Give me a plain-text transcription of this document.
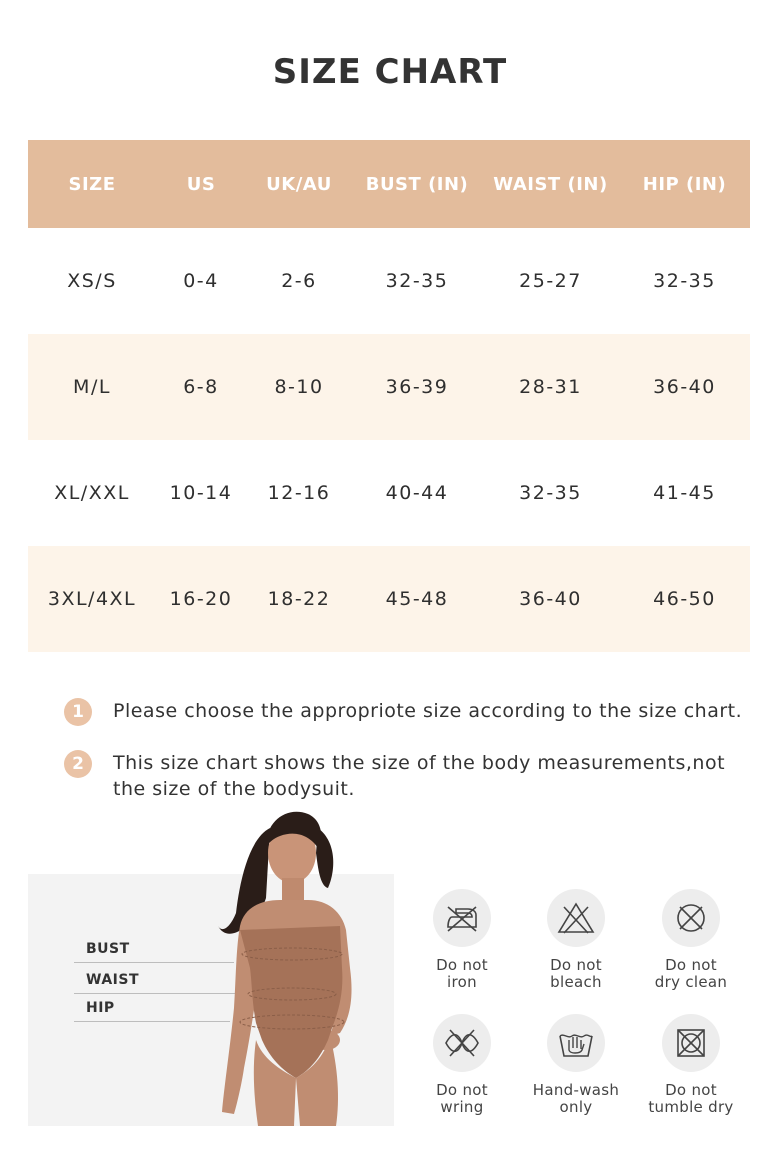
SIZE CHART
SIZE	US	UK/AU	BUST (IN)	WAIST (IN)	HIP (IN)
XS/S	0-4	2-6	32-35	25-27	32-35
M/L	6-8	8-10	36-39	28-31	36-40
XL/XXL	10-14	12-16	40-44	32-35	41-45
3XL/4XL	16-20	18-22	45-48	36-40	46-50
1	Please choose the appropriote size according to the size chart.
2	This size chart shows the size of the body measurements,not the size of the bodysuit.
BUST
WAIST
HIP
Do not
iron
Do not
bleach
Do not
dry clean
Do not
wring
Hand-wash
only
Do not
tumble dry
